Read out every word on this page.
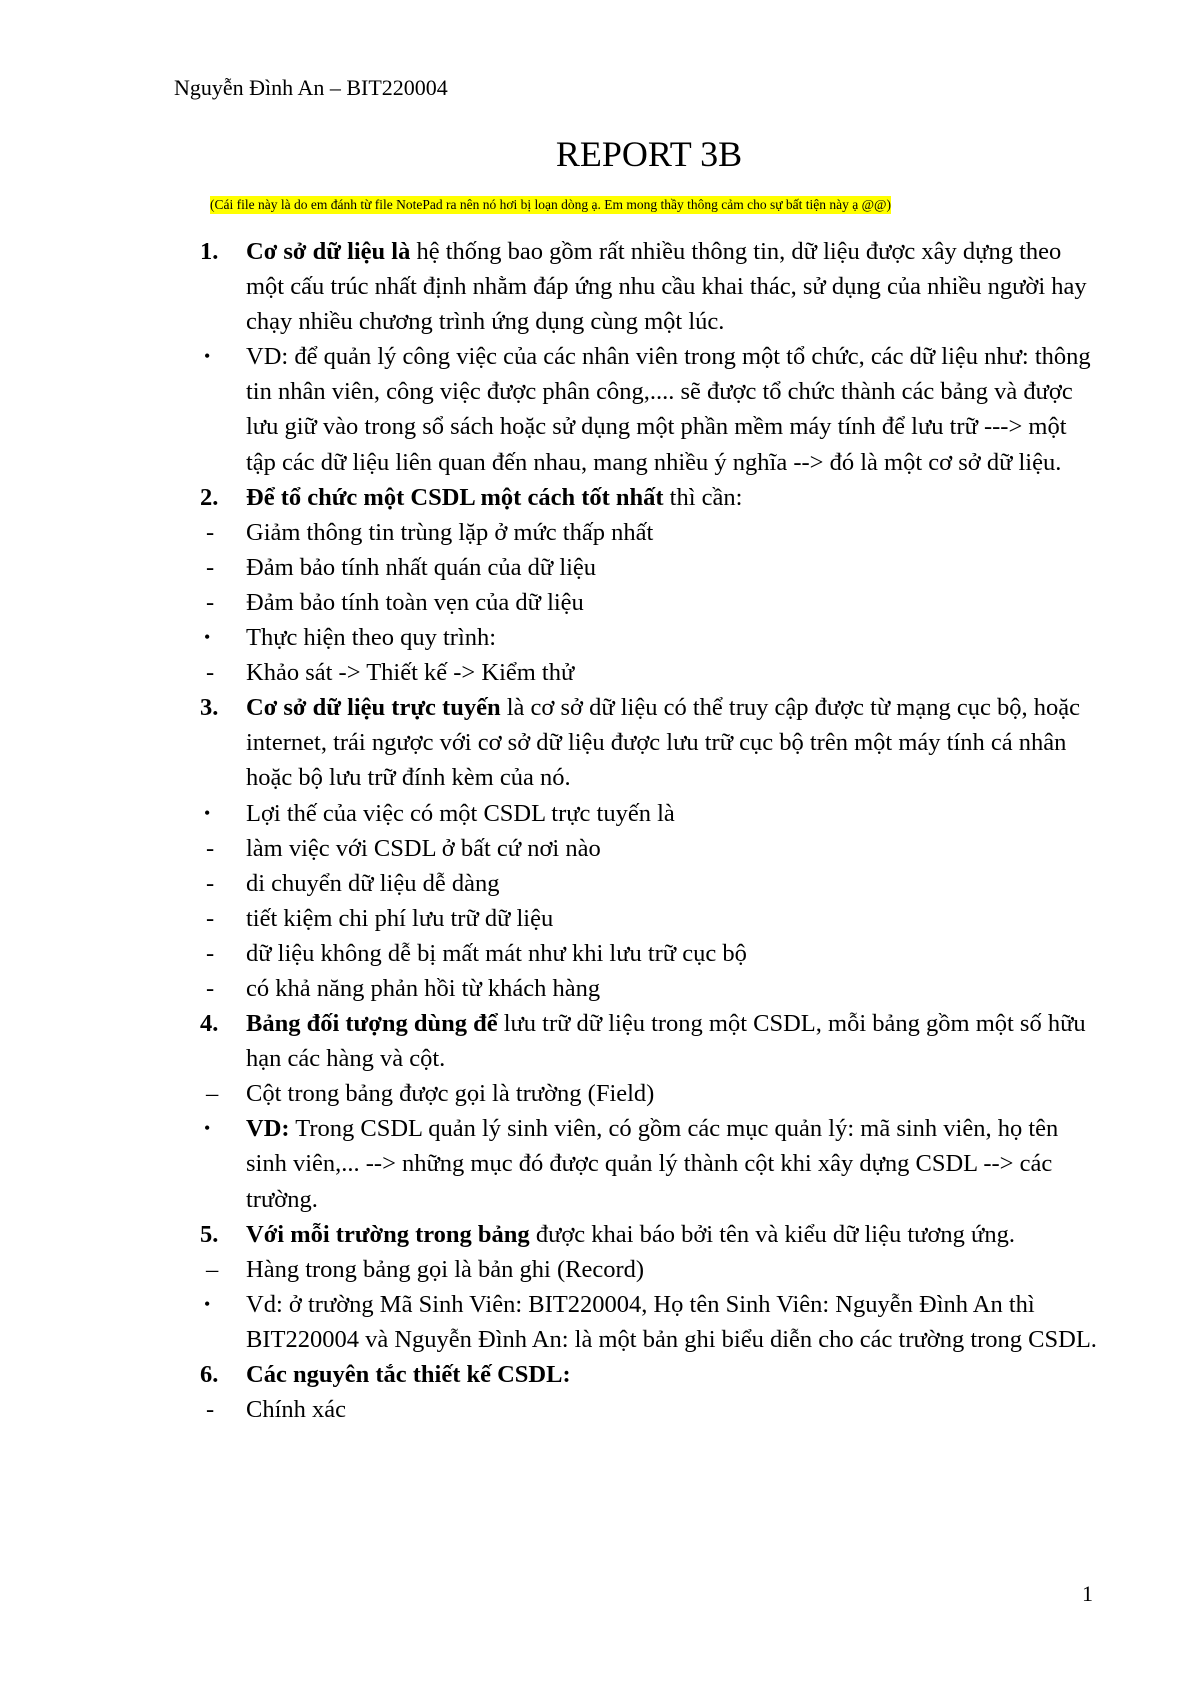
Nguyễn Đình An – BIT220004
REPORT 3B
(Cái file này là do em đánh từ file NotePad ra nên nó hơi bị loạn dòng ạ. Em mong thầy thông cảm cho sự bất tiện này ạ @@)
1.	Cơ sở dữ liệu là hệ thống bao gồm rất nhiều thông tin, dữ liệu được xây dựng theo một cấu trúc nhất định nhằm đáp ứng nhu cầu khai thác, sử dụng của nhiều người hay chạy nhiều chương trình ứng dụng cùng một lúc.
•	VD: để quản lý công việc của các nhân viên trong một tổ chức, các dữ liệu như: thông tin nhân viên, công việc được phân công,.... sẽ được tổ chức thành các bảng và được lưu giữ vào trong sổ sách hoặc sử dụng một phần mềm máy tính để lưu trữ ---> một tập các dữ liệu liên quan đến nhau, mang nhiều ý nghĩa --> đó là một cơ sở dữ liệu.
2.	Để tổ chức một CSDL một cách tốt nhất thì cần:
-	Giảm thông tin trùng lặp ở mức thấp nhất
-	Đảm bảo tính nhất quán của dữ liệu
-	Đảm bảo tính toàn vẹn của dữ liệu
•	Thực hiện theo quy trình:
-	Khảo sát -> Thiết kế -> Kiểm thử
3.	Cơ sở dữ liệu trực tuyến là cơ sở dữ liệu có thể truy cập được từ mạng cục bộ, hoặc internet, trái ngược với cơ sở dữ liệu được lưu trữ cục bộ trên một máy tính cá nhân hoặc bộ lưu trữ đính kèm của nó.
•	Lợi thế của việc có một CSDL trực tuyến là
-	làm việc với CSDL ở bất cứ nơi nào
-	di chuyển dữ liệu dễ dàng
-	tiết kiệm chi phí lưu trữ dữ liệu
-	dữ liệu không dễ bị mất mát như khi lưu trữ cục bộ
-	có khả năng phản hồi từ khách hàng
4.	Bảng đối tượng dùng để lưu trữ dữ liệu trong một CSDL, mỗi bảng gồm một số hữu hạn các hàng và cột.
–	Cột trong bảng được gọi là trường (Field)
•	VD: Trong CSDL quản lý sinh viên, có gồm các mục quản lý: mã sinh viên, họ tên sinh viên,... --> những mục đó được quản lý thành cột khi xây dựng CSDL --> các trường.
5.	Với mỗi trường trong bảng được khai báo bởi tên và kiểu dữ liệu tương ứng.
–	Hàng trong bảng gọi là bản ghi (Record)
•	Vd: ở trường Mã Sinh Viên: BIT220004, Họ tên Sinh Viên: Nguyễn Đình An thì BIT220004 và Nguyễn Đình An: là một bản ghi biểu diễn cho các trường trong CSDL.
6.	Các nguyên tắc thiết kế CSDL:
-	Chính xác
1
